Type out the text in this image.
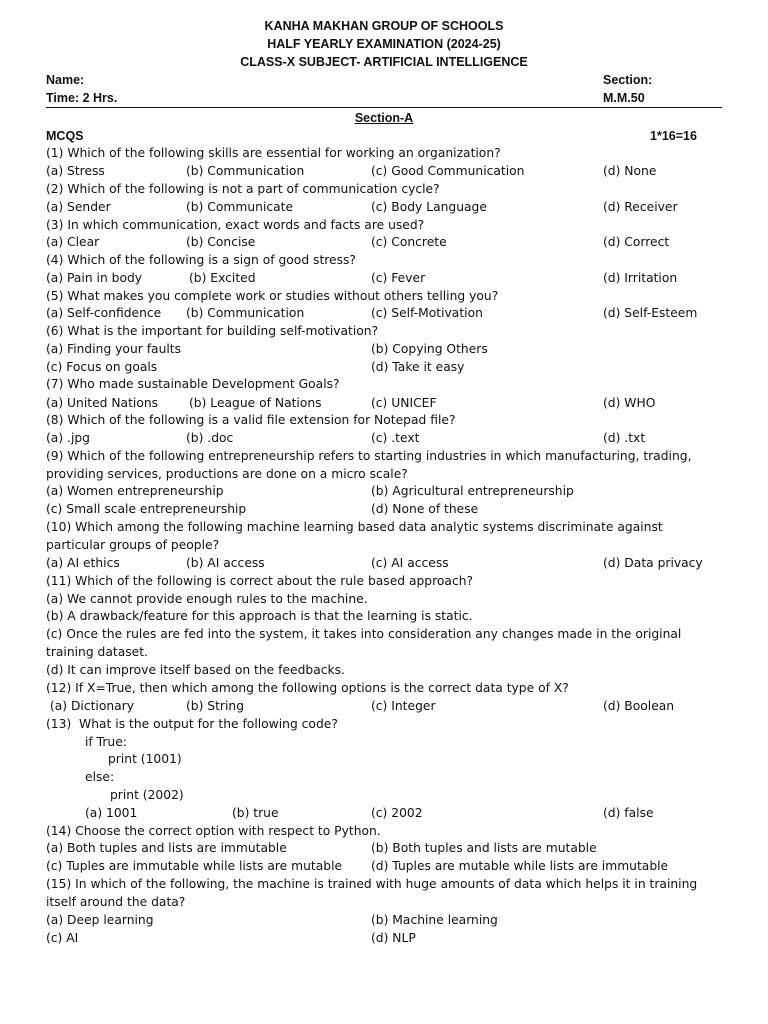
KANHA MAKHAN GROUP OF SCHOOLS
HALF YEARLY EXAMINATION (2024-25)
CLASS-X SUBJECT- ARTIFICIAL INTELLIGENCE
Name:	Section:
Time: 2 Hrs.	M.M.50
Section-A
MCQS	1*16=16
(1) Which of the following skills are essential for working an organization?
(a) Stress	(b) Communication	(c) Good Communication	(d) None
(2) Which of the following is not a part of communication cycle?
(a) Sender	(b) Communicate	(c) Body Language	(d) Receiver
(3) In which communication, exact words and facts are used?
(a) Clear	(b) Concise	(c) Concrete	(d) Correct
(4) Which of the following is a sign of good stress?
(a) Pain in body	(b) Excited	(c) Fever	(d) Irritation
(5) What makes you complete work or studies without others telling you?
(a) Self-confidence (b) Communication	(c) Self-Motivation	(d) Self-Esteem
(6) What is the important for building self-motivation?
(a) Finding your faults	(b) Copying Others
(c) Focus on goals	(d) Take it easy
(7) Who made sustainable Development Goals?
(a) United Nations	(b) League of Nations	(c) UNICEF	(d) WHO
(8) Which of the following is a valid file extension for Notepad file?
(a) .jpg	(b) .doc	(c) .text	(d) .txt
(9) Which of the following entrepreneurship refers to starting industries in which manufacturing, trading,
providing services, productions are done on a micro scale?
(a) Women entrepreneurship	(b) Agricultural entrepreneurship
(c) Small scale entrepreneurship	(d) None of these
(10) Which among the following machine learning based data analytic systems discriminate against
particular groups of people?
(a) AI ethics	(b) AI access	(c) AI access	(d) Data privacy
(11) Which of the following is correct about the rule based approach?
(a) We cannot provide enough rules to the machine.
(b) A drawback/feature for this approach is that the learning is static.
(c) Once the rules are fed into the system, it takes into consideration any changes made in the original
training dataset.
(d) It can improve itself based on the feedbacks.
(12) If X=True, then which among the following options is the correct data type of X?
(a) Dictionary	(b) String	(c) Integer	(d) Boolean
(13)  What is the output for the following code?
if True:
print (1001)
else:
print (2002)
(a) 1001	(b) true	(c) 2002	(d) false
(14) Choose the correct option with respect to Python.
(a) Both tuples and lists are immutable	(b) Both tuples and lists are mutable
(c) Tuples are immutable while lists are mutable (d) Tuples are mutable while lists are immutable
(15) In which of the following, the machine is trained with huge amounts of data which helps it in training
itself around the data?
(a) Deep learning	(b) Machine learning
(c) AI	(d) NLP
